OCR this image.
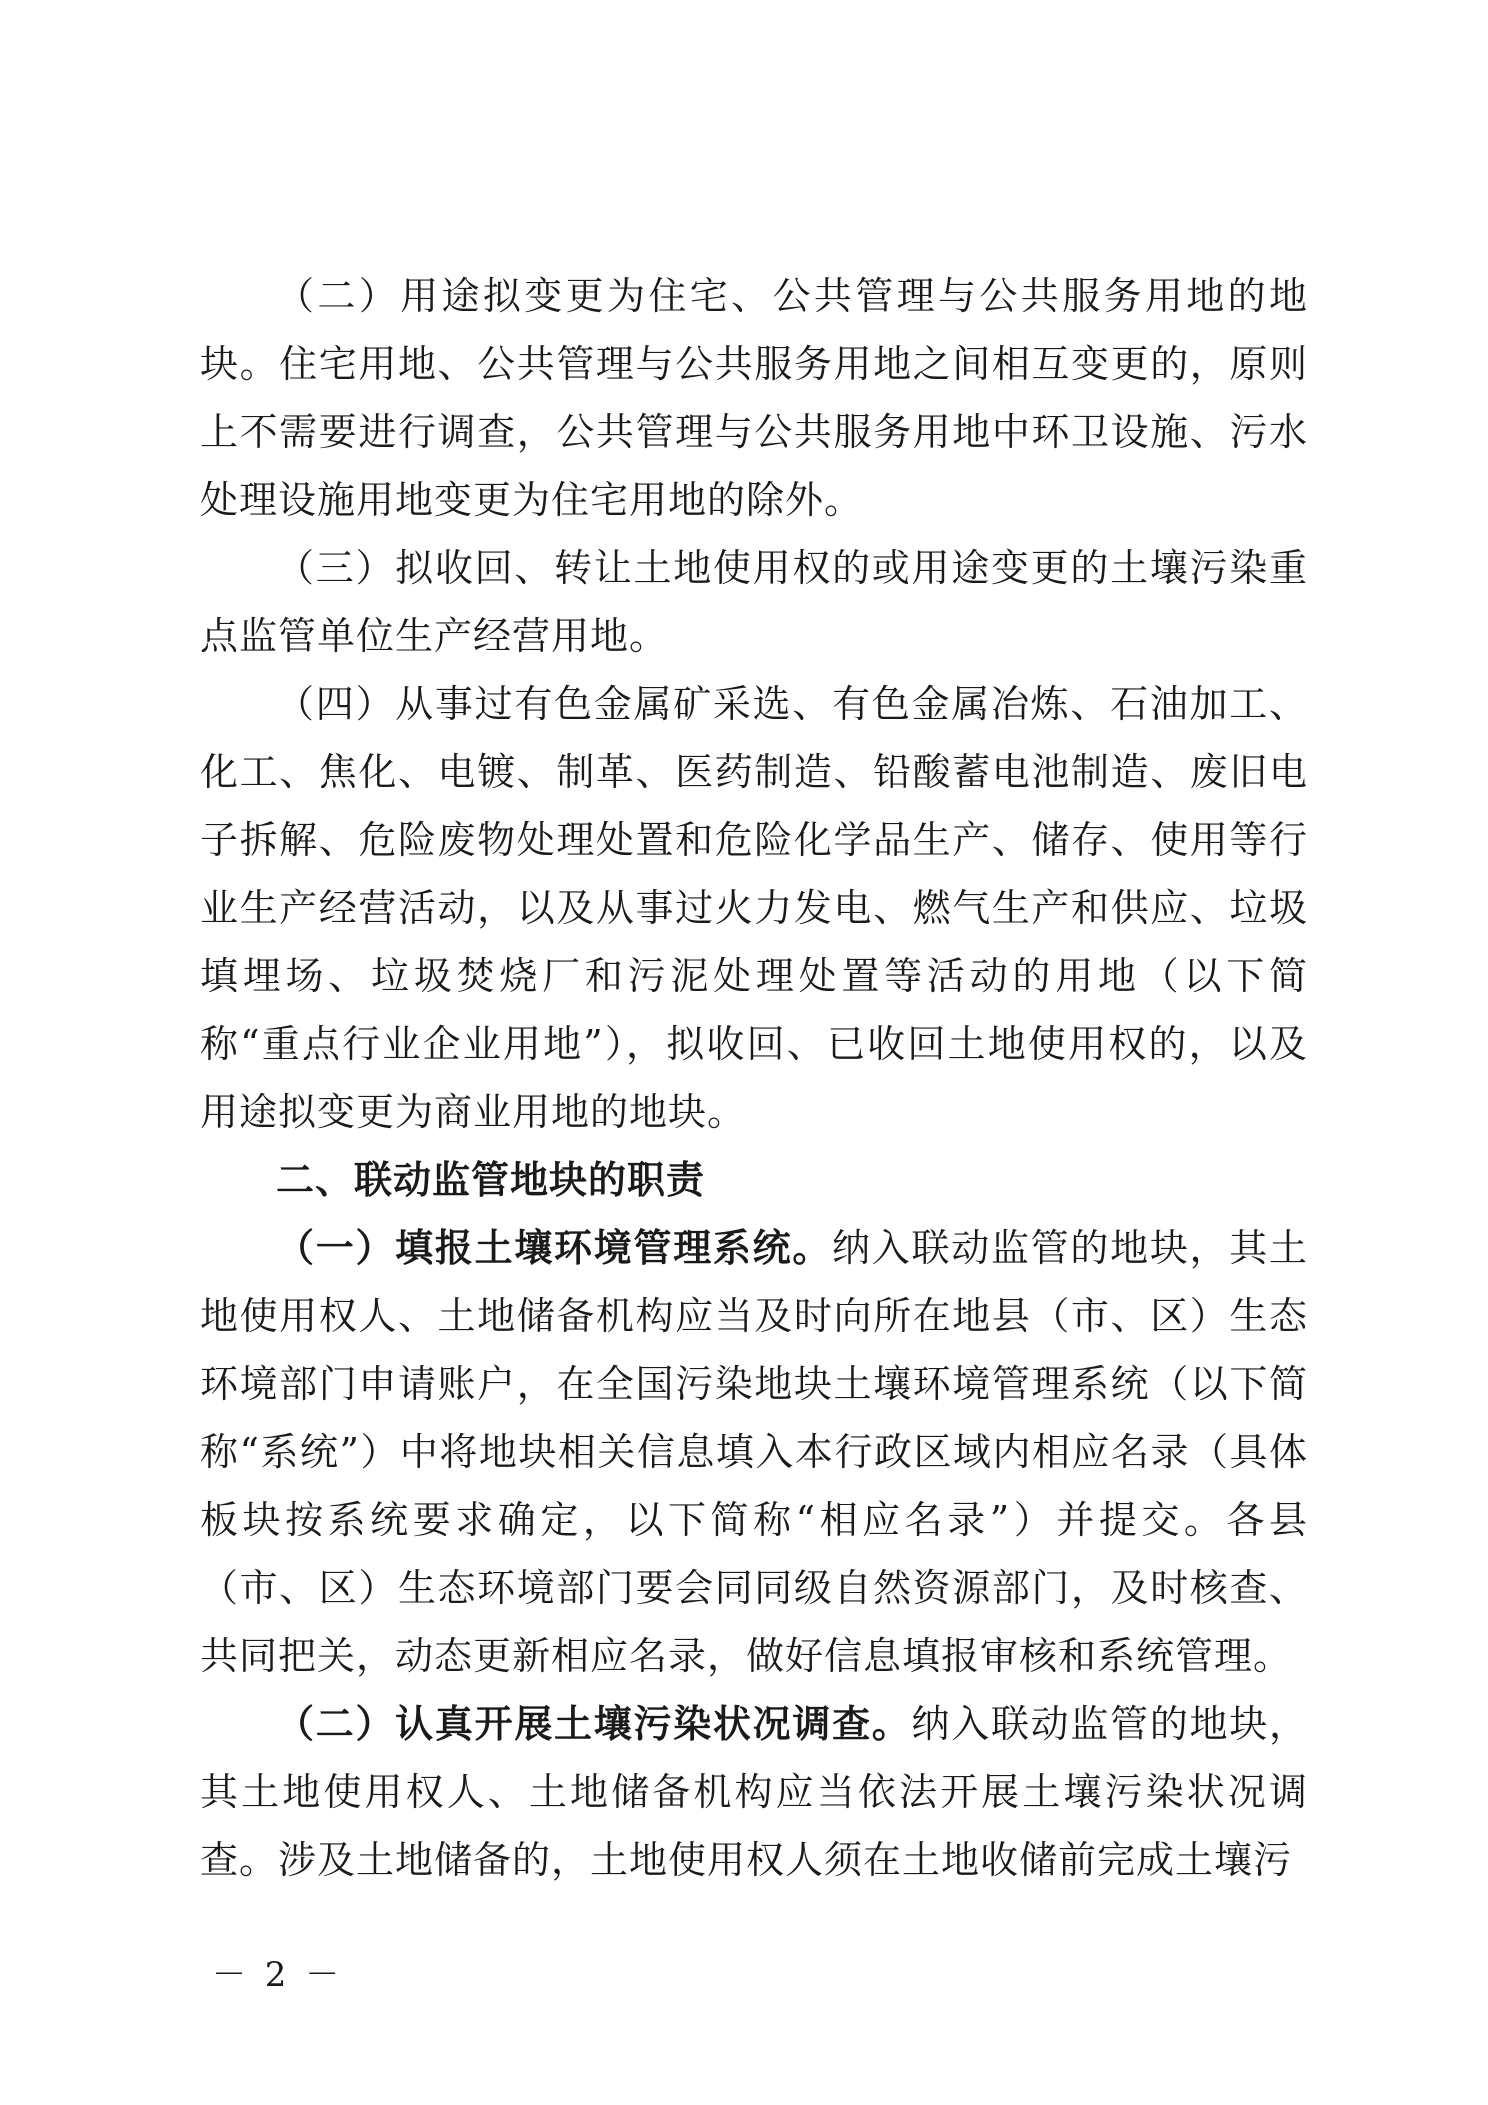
（二）用途拟变更为住宅、公共管理与公共服务用地的地块。住宅用地、公共管理与公共服务用地之间相互变更的，原则上不需要进行调查，公共管理与公共服务用地中环卫设施、污水处理设施用地变更为住宅用地的除外。

（三）拟收回、转让土地使用权的或用途变更的土壤污染重点监管单位生产经营用地。

（四）从事过有色金属矿采选、有色金属冶炼、石油加工、化工、焦化、电镀、制革、医药制造、铅酸蓄电池制造、废旧电子拆解、危险废物处理处置和危险化学品生产、储存、使用等行业生产经营活动，以及从事过火力发电、燃气生产和供应、垃圾填埋场、垃圾焚烧厂和污泥处理处置等活动的用地（以下简称“重点行业企业用地”），拟收回、已收回土地使用权的，以及用途拟变更为商业用地的地块。

二、联动监管地块的职责

（一）填报土壤环境管理系统。纳入联动监管的地块，其土地使用权人、土地储备机构应当及时向所在地县（市、区）生态环境部门申请账户，在全国污染地块土壤环境管理系统（以下简称“系统”）中将地块相关信息填入本行政区域内相应名录（具体板块按系统要求确定，以下简称“相应名录”）并提交。各县（市、区）生态环境部门要会同同级自然资源部门，及时核查、共同把关，动态更新相应名录，做好信息填报审核和系统管理。

（二）认真开展土壤污染状况调查。纳入联动监管的地块，其土地使用权人、土地储备机构应当依法开展土壤污染状况调查。涉及土地储备的，土地使用权人须在土地收储前完成土壤污

－ 2 －
